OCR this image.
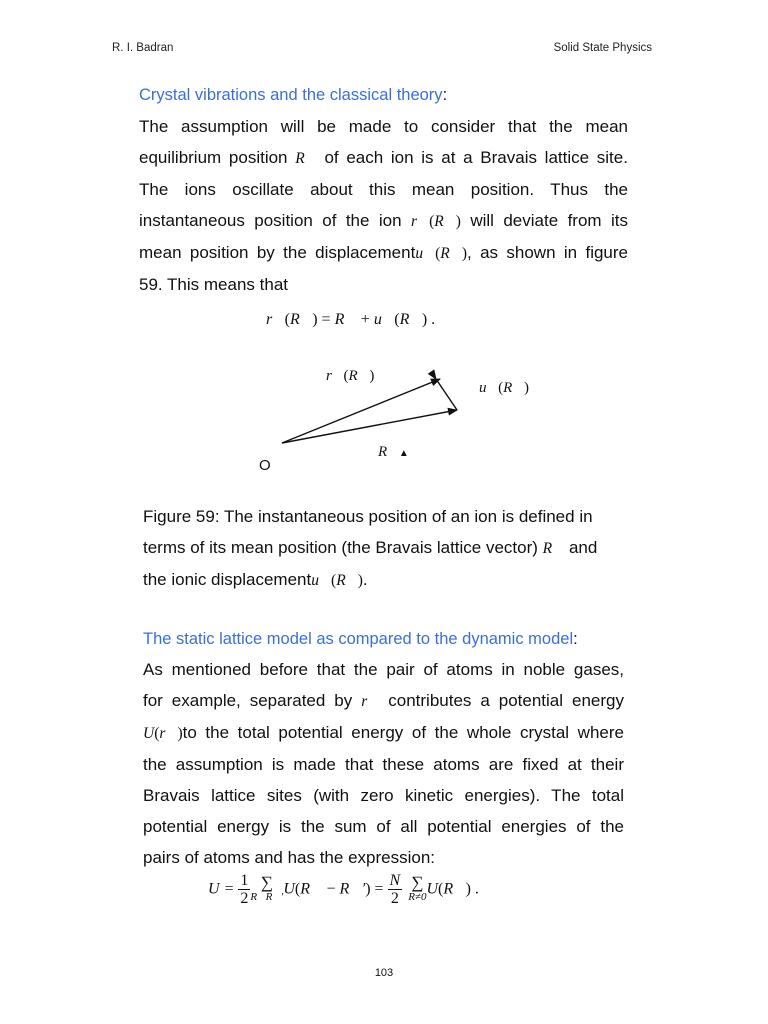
R. I. Badran	Solid State Physics
Crystal vibrations and the classical theory:
The assumption will be made to consider that the mean
equilibrium position R⃗ of each ion is at a Bravais lattice site.
The ions oscillate about this mean position. Thus the
instantaneous position of the ion r⃗(R⃗) will deviate from its
mean position by the displacementu⃗(R⃗), as shown in figure
59. This means that
r⃗(R⃗) = R⃗ + u⃗(R⃗) .
r⃗(R⃗)
u⃗(R⃗)
R⃗▲
O
Figure 59: The instantaneous position of an ion is defined in
terms of its mean position (the Bravais lattice vector) R⃗ and
the ionic displacementu⃗(R⃗).
The static lattice model as compared to the dynamic model:
As mentioned before that the pair of atoms in noble gases,
for example, separated by r⃗ contributes a potential energy
U(r⃗)to the total potential energy of the whole crystal where
the assumption is made that these atoms are fixed at their
Bravais lattice sites (with zero kinetic energies). The total
potential energy is the sum of all potential energies of the
pairs of atoms and has the expression:
$U = \frac{1}{2}$ ∑
R⃗R⃗′ U(R⃗ − R⃗′) = $\frac{N}{2}$ ∑
R≠0 U(R⃗) .
103
